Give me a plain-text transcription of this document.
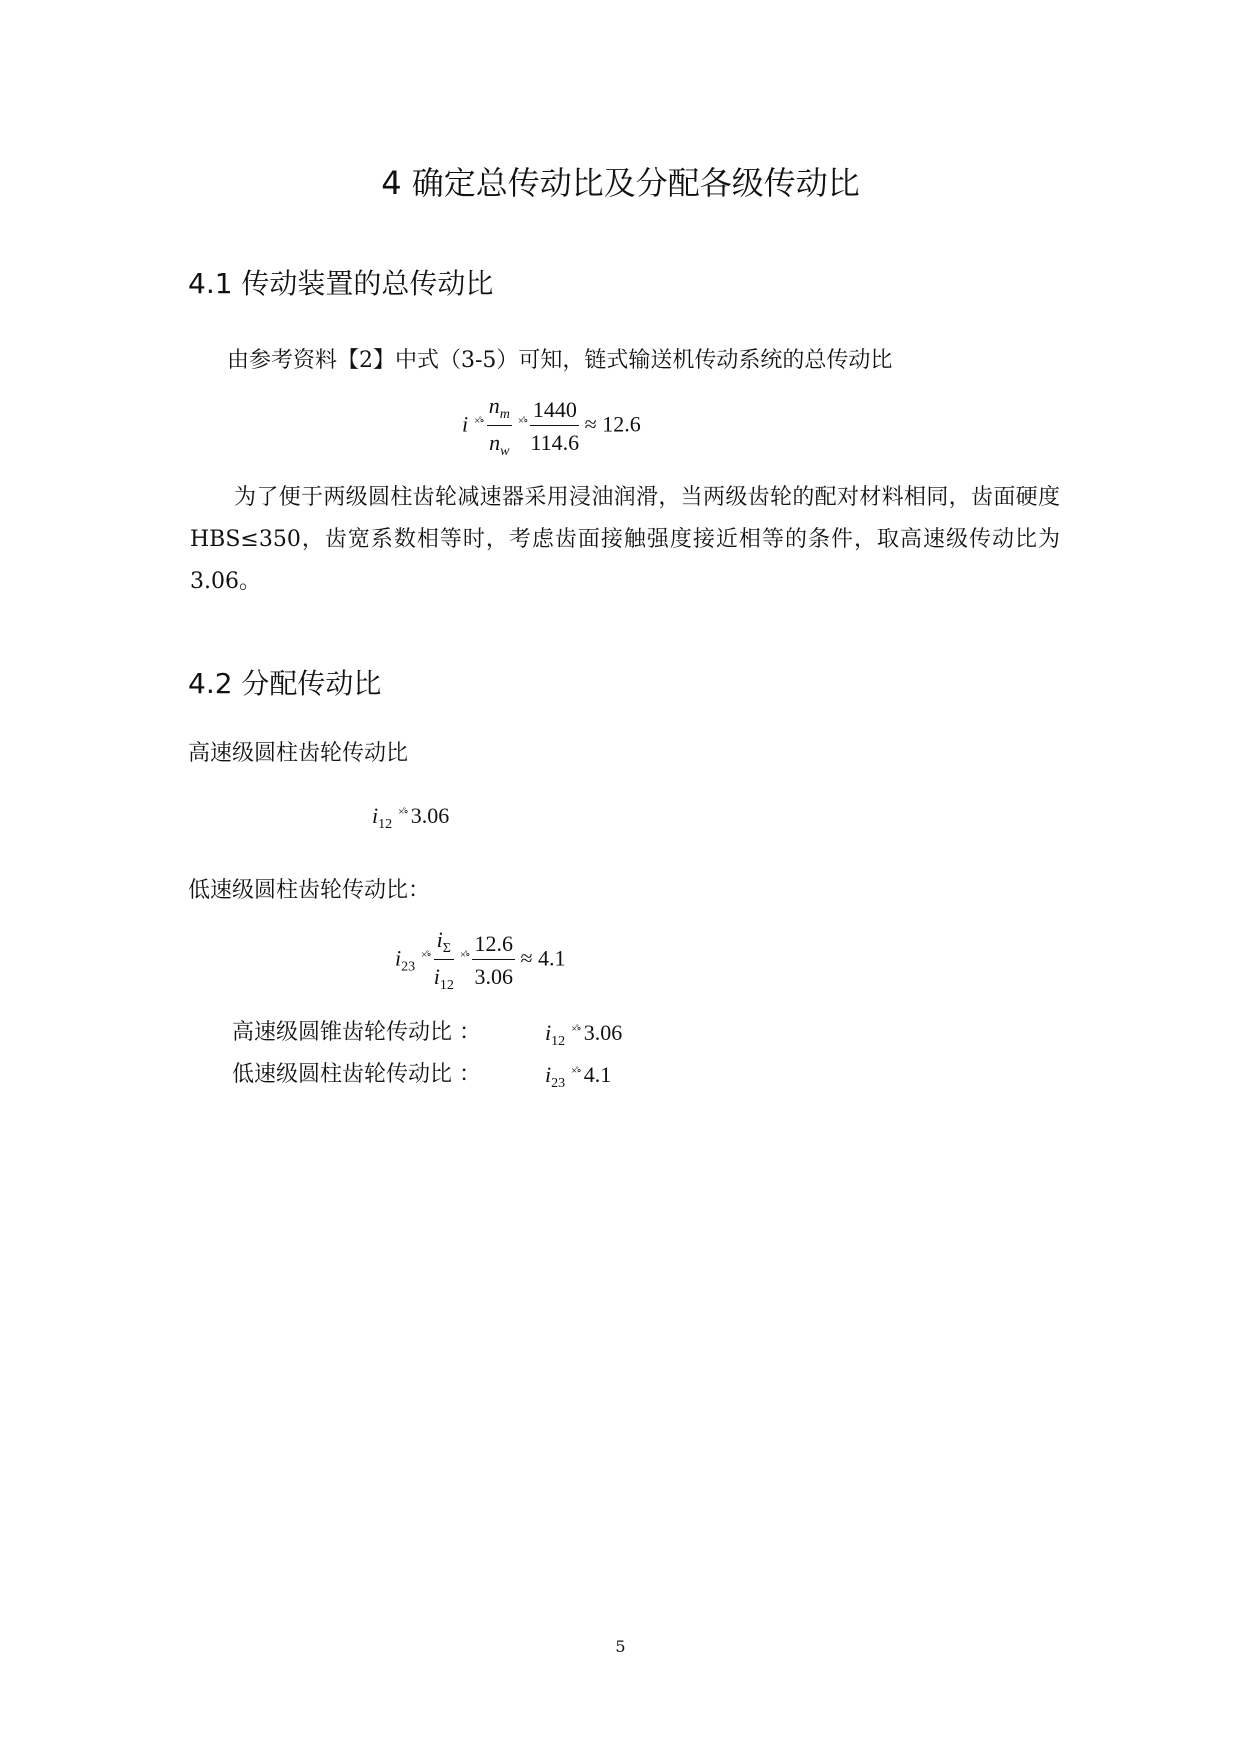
4 确定总传动比及分配各级传动比
4.1 传动装置的总传动比
由参考资料【2】中式（3-5）可知，链式输送机传动系统的总传动比
i $^{\times̊\circ} \frac{n_m}{n_w} ^{\times̊\circ} \frac{1440}{114.6} \approx 12.6$
为了便于两级圆柱齿轮减速器采用浸油润滑，当两级齿轮的配对材料相同，齿面硬度 HBS≤350，齿宽系数相等时，考虑齿面接触强度接近相等的条件，取高速级传动比为 3.06。
4.2 分配传动比
高速级圆柱齿轮传动比
$i_{12}^{\times̊\circ}$ 3.06
低速级圆柱齿轮传动比：
$i_{23}^{\times̊\circ} \frac{i_\Sigma}{i_{12}} ^{\times̊\circ} \frac{12.6}{3.06} \approx 4.1$
高速级圆锥齿轮传动比 ：	$i_{12}^{\times̊\circ}$ 3.06
低速级圆柱齿轮传动比 ：	$i_{23}^{\times̊\circ}$ 4.1
5
